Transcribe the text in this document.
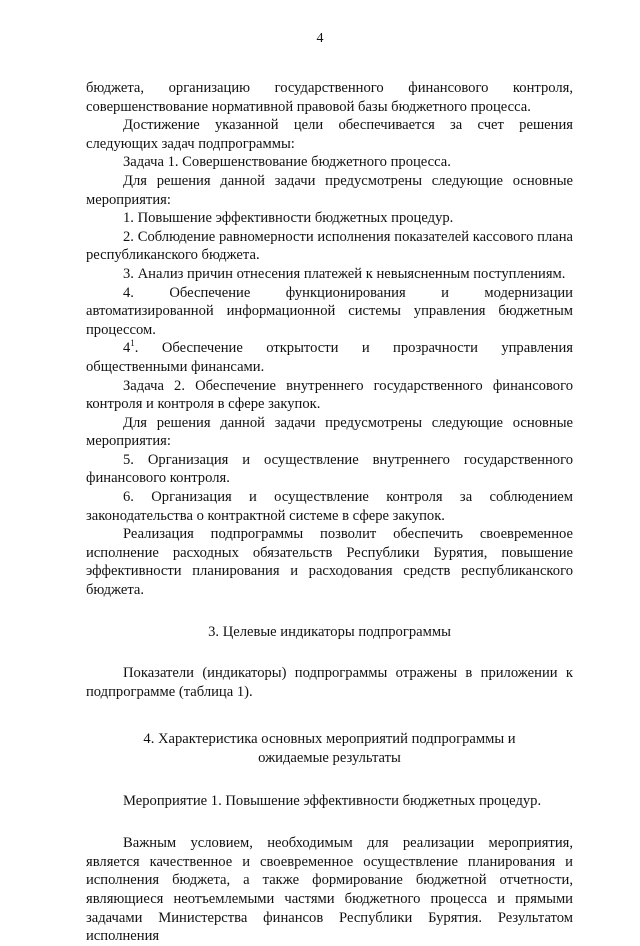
4

бюджета, организацию государственного финансового контроля, совершенствование нормативной правовой базы бюджетного процесса.

Достижение указанной цели обеспечивается за счет решения следующих задач подпрограммы:

Задача 1. Совершенствование бюджетного процесса.

Для решения данной задачи предусмотрены следующие основные мероприятия:

1. Повышение эффективности бюджетных процедур.

2. Соблюдение равномерности исполнения показателей кассового плана республиканского бюджета.

3. Анализ причин отнесения платежей к невыясненным поступлениям.

4. Обеспечение функционирования и модернизации автоматизированной информационной системы управления бюджетным процессом.

$4^1$. Обеспечение открытости и прозрачности управления общественными финансами.

Задача 2. Обеспечение внутреннего государственного финансового контроля и контроля в сфере закупок.

Для решения данной задачи предусмотрены следующие основные мероприятия:

5. Организация и осуществление внутреннего государственного финансового контроля.

6. Организация и осуществление контроля за соблюдением законодательства о контрактной системе в сфере закупок.

Реализация подпрограммы позволит обеспечить своевременное исполнение расходных обязательств Республики Бурятия, повышение эффективности планирования и расходования средств республиканского бюджета.

3. Целевые индикаторы подпрограммы

Показатели (индикаторы) подпрограммы отражены в приложении к подпрограмме (таблица 1).

4. Характеристика основных мероприятий подпрограммы и

ожидаемые результаты

Мероприятие 1. Повышение эффективности бюджетных процедур.

Важным условием, необходимым для реализации мероприятия, является качественное и своевременное осуществление планирования и исполнения бюджета, а также формирование бюджетной отчетности, являющиеся неотъемлемыми частями бюджетного процесса и прямыми задачами Министерства финансов Республики Бурятия. Результатом исполнения
